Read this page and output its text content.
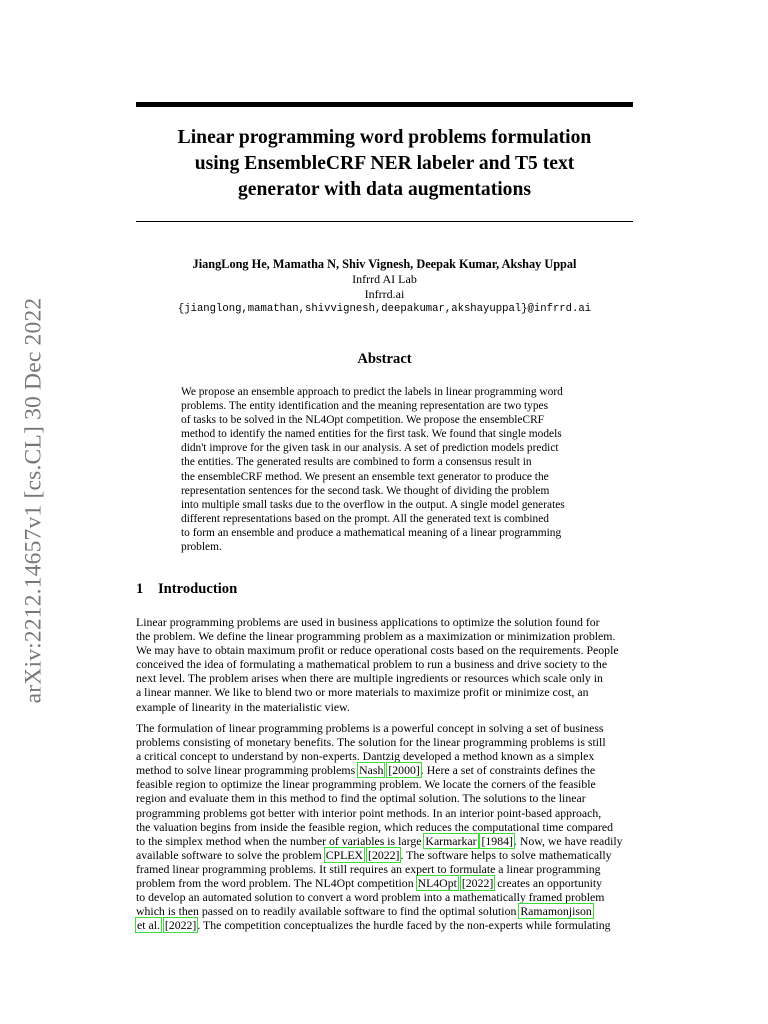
arXiv:2212.14657v1 [cs.CL] 30 Dec 2022
Linear programming word problems formulation
using EnsembleCRF NER labeler and T5 text
generator with data augmentations
JiangLong He, Mamatha N, Shiv Vignesh, Deepak Kumar, Akshay Uppal
Infrrd AI Lab
Infrrd.ai
{jianglong,mamathan,shivvignesh,deepakumar,akshayuppal}@infrrd.ai
Abstract
We propose an ensemble approach to predict the labels in linear programming word
problems. The entity identification and the meaning representation are two types
of tasks to be solved in the NL4Opt competition. We propose the ensembleCRF
method to identify the named entities for the first task. We found that single models
didn't improve for the given task in our analysis. A set of prediction models predict
the entities. The generated results are combined to form a consensus result in
the ensembleCRF method. We present an ensemble text generator to produce the
representation sentences for the second task. We thought of dividing the problem
into multiple small tasks due to the overflow in the output. A single model generates
different representations based on the prompt. All the generated text is combined
to form an ensemble and produce a mathematical meaning of a linear programming
problem.
1 Introduction
Linear programming problems are used in business applications to optimize the solution found for
the problem. We define the linear programming problem as a maximization or minimization problem.
We may have to obtain maximum profit or reduce operational costs based on the requirements. People
conceived the idea of formulating a mathematical problem to run a business and drive society to the
next level. The problem arises when there are multiple ingredients or resources which scale only in
a linear manner. We like to blend two or more materials to maximize profit or minimize cost, an
example of linearity in the materialistic view.
The formulation of linear programming problems is a powerful concept in solving a set of business
problems consisting of monetary benefits. The solution for the linear programming problems is still
a critical concept to understand by non-experts. Dantzig developed a method known as a simplex
method to solve linear programming problems Nash [2000]. Here a set of constraints defines the
feasible region to optimize the linear programming problem. We locate the corners of the feasible
region and evaluate them in this method to find the optimal solution. The solutions to the linear
programming problems got better with interior point methods. In an interior point-based approach,
the valuation begins from inside the feasible region, which reduces the computational time compared
to the simplex method when the number of variables is large Karmarkar [1984]. Now, we have readily
available software to solve the problem CPLEX [2022]. The software helps to solve mathematically
framed linear programming problems. It still requires an expert to formulate a linear programming
problem from the word problem. The NL4Opt competition NL4Opt [2022] creates an opportunity
to develop an automated solution to convert a word problem into a mathematically framed problem
which is then passed on to readily available software to find the optimal solution Ramamonjison
et al. [2022]. The competition conceptualizes the hurdle faced by the non-experts while formulating
